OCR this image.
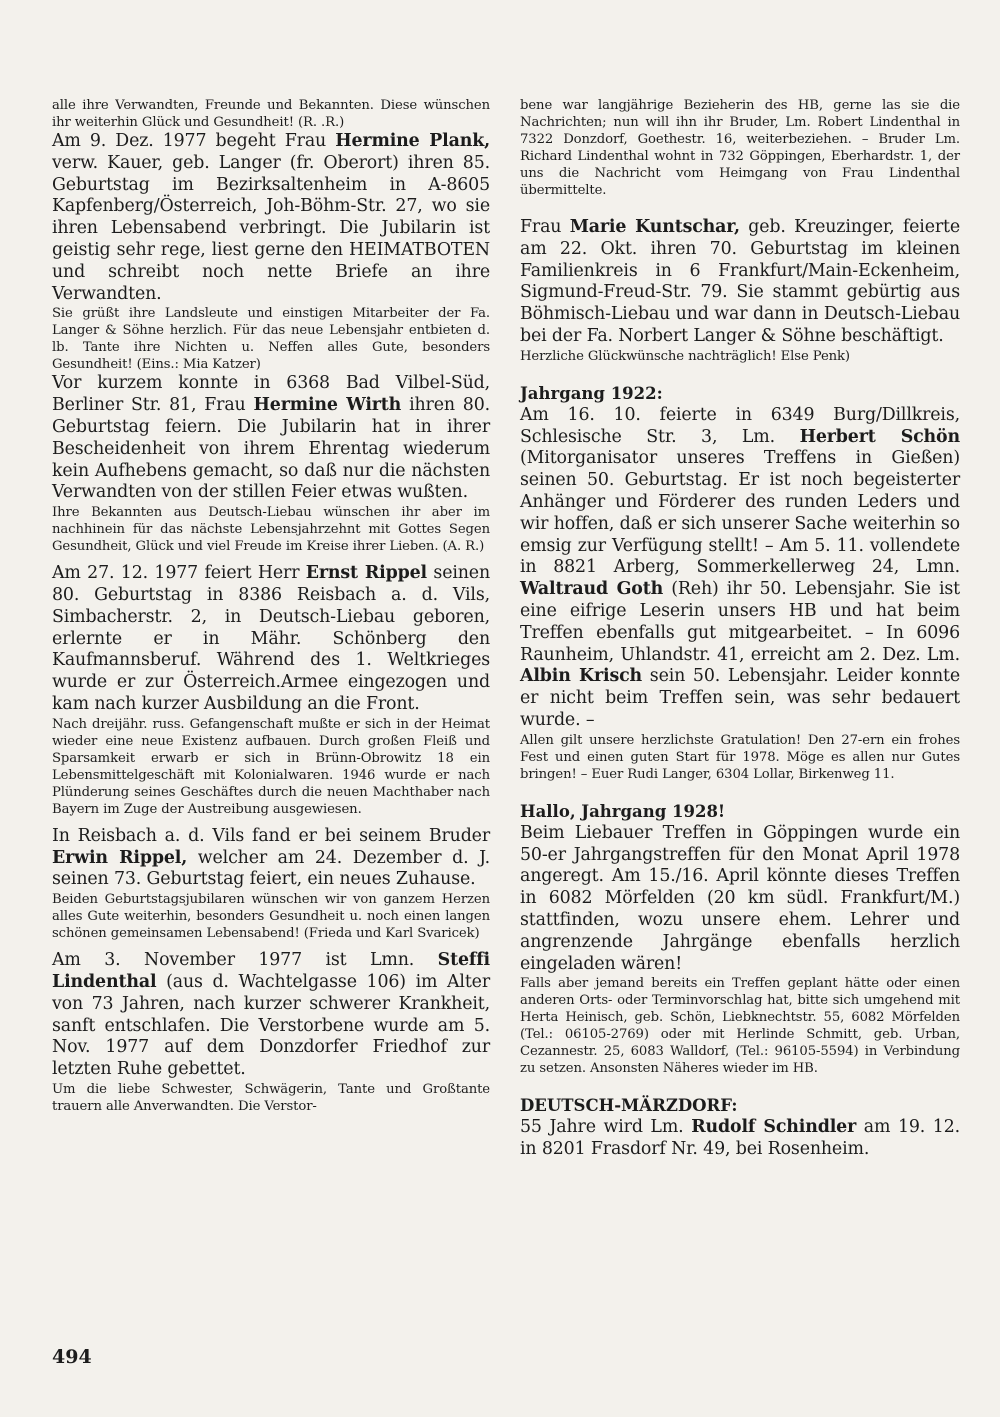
alle ihre Verwandten, Freunde und Bekannten. Diese wünschen ihr weiterhin Glück und Gesundheit! (R. .R.)

Am 9. Dez. 1977 begeht Frau Hermine Plank, verw. Kauer, geb. Langer (fr. Oberort) ihren 85. Geburtstag im Bezirksaltenheim in A-8605 Kapfenberg/Österreich, Joh-Böhm-Str. 27, wo sie ihren Lebensabend verbringt. Die Jubilarin ist geistig sehr rege, liest gerne den HEIMATBOTEN und schreibt noch nette Briefe an ihre Verwandten.

Sie grüßt ihre Landsleute und einstigen Mitarbeiter der Fa. Langer & Söhne herzlich. Für das neue Lebensjahr entbieten d. lb. Tante ihre Nichten u. Neffen alles Gute, besonders Gesundheit! (Eins.: Mia Katzer)

Vor kurzem konnte in 6368 Bad Vilbel-Süd, Berliner Str. 81, Frau Hermine Wirth ihren 80. Geburtstag feiern. Die Jubilarin hat in ihrer Bescheidenheit von ihrem Ehrentag wiederum kein Aufhebens gemacht, so daß nur die nächsten Verwandten von der stillen Feier etwas wußten.

Ihre Bekannten aus Deutsch-Liebau wünschen ihr aber im nachhinein für das nächste Lebensjahrzehnt mit Gottes Segen Gesundheit, Glück und viel Freude im Kreise ihrer Lieben. (A. R.)

Am 27. 12. 1977 feiert Herr Ernst Rippel seinen 80. Geburtstag in 8386 Reisbach a. d. Vils, Simbacherstr. 2, in Deutsch-Liebau geboren, erlernte er in Mähr. Schönberg den Kaufmannsberuf. Während des 1. Weltkrieges wurde er zur Österreich.Armee eingezogen und kam nach kurzer Ausbildung an die Front.

Nach dreijähr. russ. Gefangenschaft mußte er sich in der Heimat wieder eine neue Existenz aufbauen. Durch großen Fleiß und Sparsamkeit erwarb er sich in Brünn-Obrowitz 18 ein Lebensmittelgeschäft mit Kolonialwaren. 1946 wurde er nach Plünderung seines Geschäftes durch die neuen Machthaber nach Bayern im Zuge der Austreibung ausgewiesen.

In Reisbach a. d. Vils fand er bei seinem Bruder Erwin Rippel, welcher am 24. Dezember d. J. seinen 73. Geburtstag feiert, ein neues Zuhause.

Beiden Geburtstagsjubilaren wünschen wir von ganzem Herzen alles Gute weiterhin, besonders Gesundheit u. noch einen langen schönen gemeinsamen Lebensabend! (Frieda und Karl Svaricek)

Am 3. November 1977 ist Lmn. Steffi Lindenthal (aus d. Wachtelgasse 106) im Alter von 73 Jahren, nach kurzer schwerer Krankheit, sanft entschlafen. Die Verstorbene wurde am 5. Nov. 1977 auf dem Donzdorfer Friedhof zur letzten Ruhe gebettet.

Um die liebe Schwester, Schwägerin, Tante und Großtante trauern alle Anverwandten. Die Verstor-

bene war langjährige Bezieherin des HB, gerne las sie die Nachrichten; nun will ihn ihr Bruder, Lm. Robert Lindenthal in 7322 Donzdorf, Goethestr. 16, weiterbeziehen. – Bruder Lm. Richard Lindenthal wohnt in 732 Göppingen, Eberhardstr. 1, der uns die Nachricht vom Heimgang von Frau Lindenthal übermittelte.

Frau Marie Kuntschar, geb. Kreuzinger, feierte am 22. Okt. ihren 70. Geburtstag im kleinen Familienkreis in 6 Frankfurt/Main-Eckenheim, Sigmund-Freud-Str. 79. Sie stammt gebürtig aus Böhmisch-Liebau und war dann in Deutsch-Liebau bei der Fa. Norbert Langer & Söhne beschäftigt.

Herzliche Glückwünsche nachträglich! Else Penk)

Jahrgang 1922:

Am 16. 10. feierte in 6349 Burg/Dillkreis, Schlesische Str. 3, Lm. Herbert Schön (Mitorganisator unseres Treffens in Gießen) seinen 50. Geburtstag. Er ist noch begeisterter Anhänger und Förderer des runden Leders und wir hoffen, daß er sich unserer Sache weiterhin so emsig zur Verfügung stellt! – Am 5. 11. vollendete in 8821 Arberg, Sommerkellerweg 24, Lmn. Waltraud Goth (Reh) ihr 50. Lebensjahr. Sie ist eine eifrige Leserin unsers HB und hat beim Treffen ebenfalls gut mitgearbeitet. – In 6096 Raunheim, Uhlandstr. 41, erreicht am 2. Dez. Lm. Albin Krisch sein 50. Lebensjahr. Leider konnte er nicht beim Treffen sein, was sehr bedauert wurde. –

Allen gilt unsere herzlichste Gratulation! Den 27-ern ein frohes Fest und einen guten Start für 1978. Möge es allen nur Gutes bringen! – Euer Rudi Langer, 6304 Lollar, Birkenweg 11.

Hallo, Jahrgang 1928!

Beim Liebauer Treffen in Göppingen wurde ein 50-er Jahrgangstreffen für den Monat April 1978 angeregt. Am 15./16. April könnte dieses Treffen in 6082 Mörfelden (20 km südl. Frankfurt/M.) stattfinden, wozu unsere ehem. Lehrer und angrenzende Jahrgänge ebenfalls herzlich eingeladen wären!

Falls aber jemand bereits ein Treffen geplant hätte oder einen anderen Orts- oder Terminvorschlag hat, bitte sich umgehend mit Herta Heinisch, geb. Schön, Liebknechtstr. 55, 6082 Mörfelden (Tel.: 06105-2769) oder mit Herlinde Schmitt, geb. Urban, Cezannestr. 25, 6083 Walldorf, (Tel.: 96105-5594) in Verbindung zu setzen. Ansonsten Näheres wieder im HB.

DEUTSCH-MÄRZDORF:

55 Jahre wird Lm. Rudolf Schindler am 19. 12. in 8201 Frasdorf Nr. 49, bei Rosenheim.

494
